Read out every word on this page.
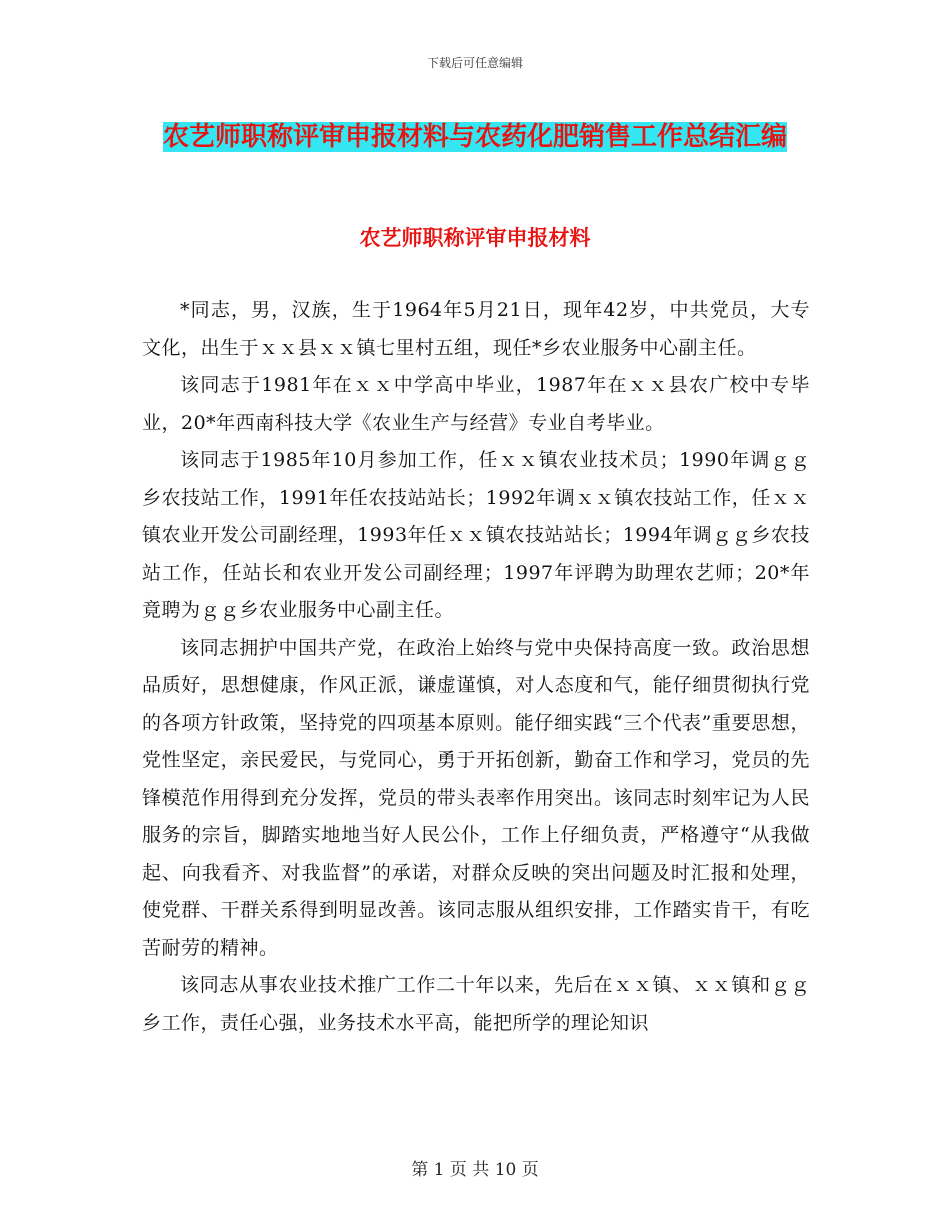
下载后可任意编辑
农艺师职称评审申报材料与农药化肥销售工作总结汇编
农艺师职称评审申报材料

*同志，男，汉族，生于1964年5月21日，现年42岁，中共党员，大专文化，出生于ｘｘ县ｘｘ镇七里村五组，现任*乡农业服务中心副主任。

该同志于1981年在ｘｘ中学高中毕业，1987年在ｘｘ县农广校中专毕业，20*年西南科技大学《农业生产与经营》专业自考毕业。

该同志于1985年10月参加工作，任ｘｘ镇农业技术员；1990年调ｇｇ乡农技站工作，1991年任农技站站长；1992年调ｘｘ镇农技站工作，任ｘｘ镇农业开发公司副经理，1993年任ｘｘ镇农技站站长；1994年调ｇｇ乡农技站工作，任站长和农业开发公司副经理；1997年评聘为助理农艺师；20*年竟聘为ｇｇ乡农业服务中心副主任。

该同志拥护中国共产党，在政治上始终与党中央保持高度一致。政治思想品质好，思想健康，作风正派，谦虚谨慎，对人态度和气，能仔细贯彻执行党的各项方针政策，坚持党的四项基本原则。能仔细实践“三个代表”重要思想，党性坚定，亲民爱民，与党同心，勇于开拓创新，勤奋工作和学习，党员的先锋模范作用得到充分发挥，党员的带头表率作用突出。该同志时刻牢记为人民服务的宗旨，脚踏实地地当好人民公仆，工作上仔细负责，严格遵守“从我做起、向我看齐、对我监督”的承诺，对群众反映的突出问题及时汇报和处理，使党群、干群关系得到明显改善。该同志服从组织安排，工作踏实肯干，有吃苦耐劳的精神。

该同志从事农业技术推广工作二十年以来，先后在ｘｘ镇、ｘｘ镇和ｇｇ乡工作，责任心强，业务技术水平高，能把所学的理论知识

第 1 页 共 10 页
